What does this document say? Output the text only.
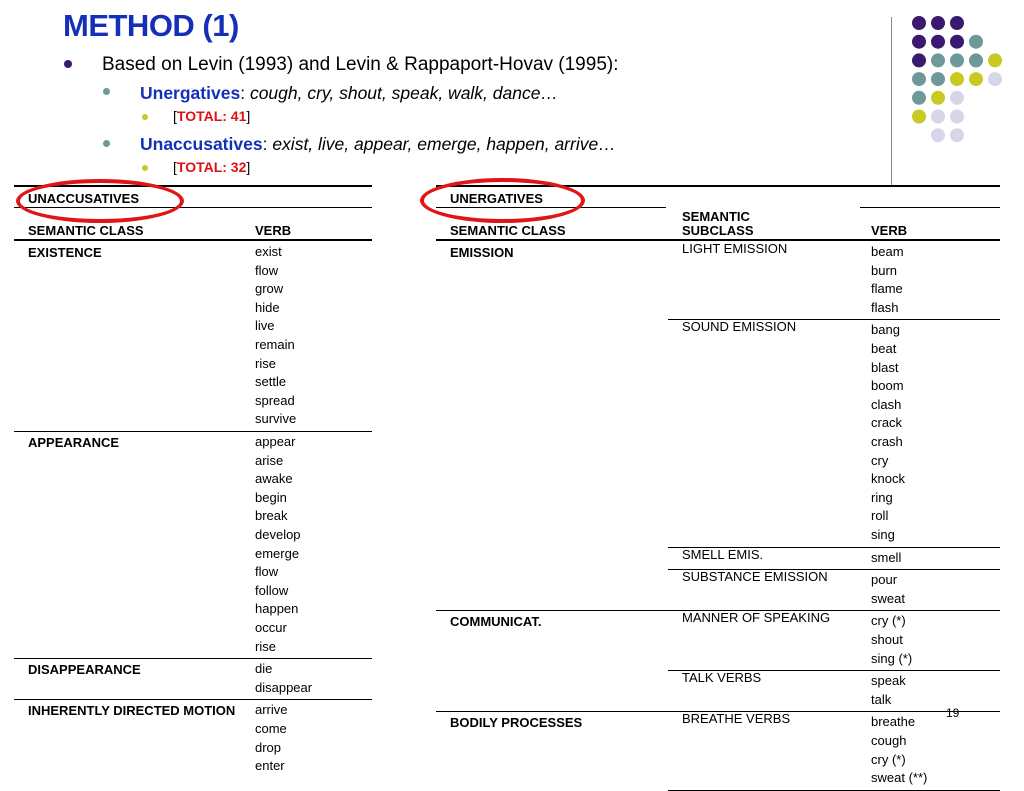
METHOD (1)
Based on Levin (1993) and Levin & Rappaport-Hovav (1995):
Unergatives: cough, cry, shout, speak, walk, dance…
[TOTAL: 41]
Unaccusatives: exist, live, appear, emerge, happen, arrive…
[TOTAL: 32]
UNACCUSATIVES
SEMANTIC CLASS	VERB
EXISTENCE	exist
flow
grow
hide
live
remain
rise
settle
spread
survive
APPEARANCE	appear
arise
awake
begin
break
develop
emerge
flow
follow
happen
occur
rise
DISAPPEARANCE	die
disappear
INHERENTLY DIRECTED MOTION arrive
come
drop
enter
UNERGATIVES
SEMANTIC SUBCLASS
SEMANTIC CLASS	VERB
EMISSION	LIGHT EMISSION	beam
burn
flame
flash
SOUND EMISSION	bang
beat
blast
boom
clash
crack
crash
cry
knock
ring
roll
sing
SMELL EMIS.	smell
SUBSTANCE EMISSION	pour
sweat
COMMUNICAT.	MANNER OF SPEAKING	cry (*)
shout
sing (*)
TALK VERBS	speak
talk
BODILY PROCESSES	BREATHE VERBS	breathe
cough
cry (*)
sweat (**)
19
